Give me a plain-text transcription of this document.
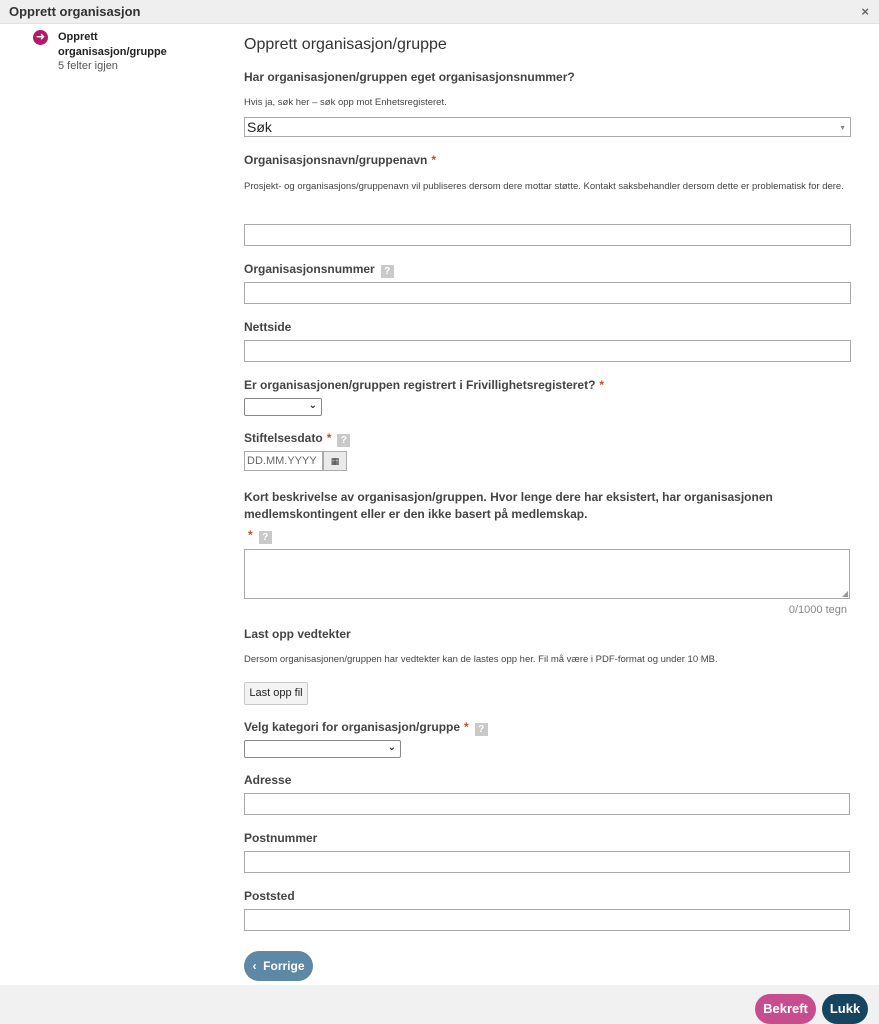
Opprett organisasjon	×
➜ Opprett organisasjon/gruppe
5 felter igjen
Opprett organisasjon/gruppe
Har organisasjonen/gruppen eget organisasjonsnummer?
Hvis ja, søk her – søk opp mot Enhetsregisteret.
Søk	▼
Organisasjonsnavn/gruppenavn *
Prosjekt- og organisasjons/gruppenavn vil publiseres dersom dere mottar støtte. Kontakt saksbehandler dersom dette er problematisk for dere.
Organisasjonsnummer ?
Nettside
Er organisasjonen/gruppen registrert i Frivillighetsregisteret? *
⌄
Stiftelsesdato * ?
DD.MM.YYYY	▦
Kort beskrivelse av organisasjon/gruppen. Hvor lenge dere har eksistert, har organisasjonen medlemskontingent eller er den ikke basert på medlemskap.
* ?
◢
0/1000 tegn
Last opp vedtekter
Dersom organisasjonen/gruppen har vedtekter kan de lastes opp her. Fil må være i PDF-format og under 10 MB.
Last opp fil
Velg kategori for organisasjon/gruppe * ?
⌄
Adresse
Postnummer
Poststed
‹ Forrige
Bekreft	Lukk
